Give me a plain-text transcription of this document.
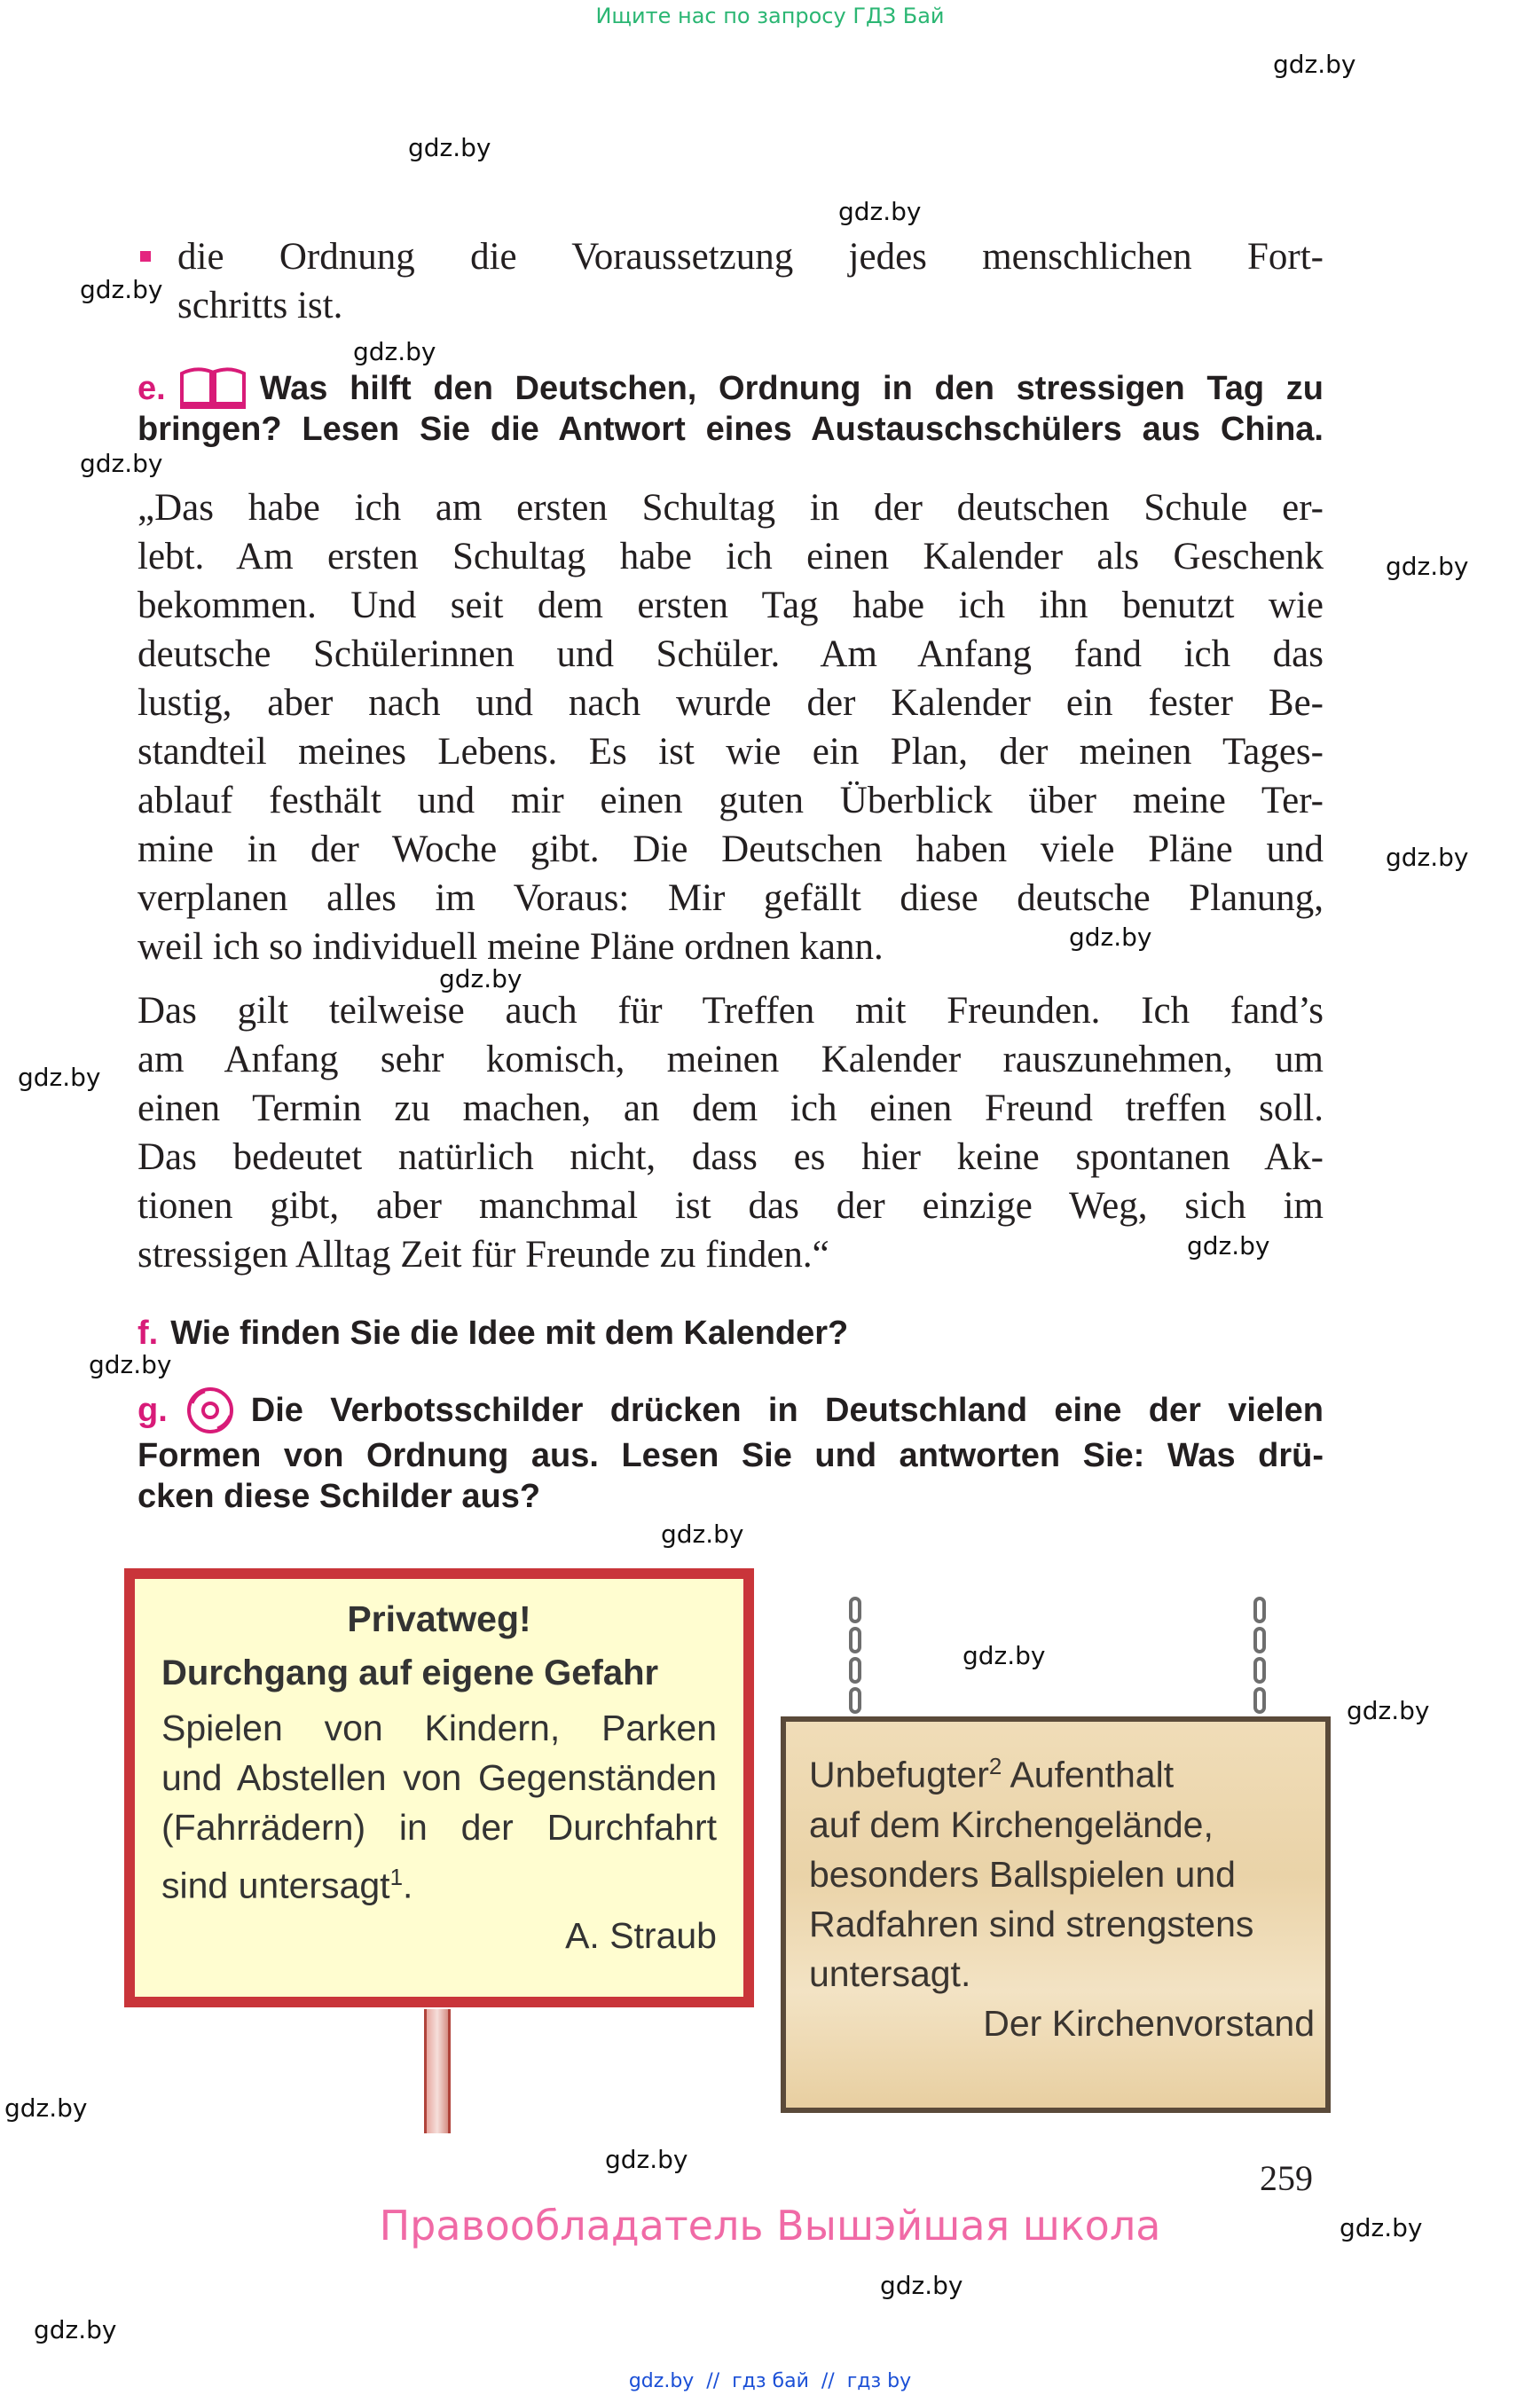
Ищите нас по запросу ГДЗ Бай
gdz.by
gdz.by
gdz.by
gdz.by
gdz.by
gdz.by
gdz.by
gdz.by
gdz.by
gdz.by
gdz.by
gdz.by
gdz.by
gdz.by
gdz.by
gdz.by
gdz.by
gdz.by
gdz.by
gdz.by
gdz.by
die Ordnung die Voraussetzung jedes menschlichen Fort-
schritts ist.
e.	Was hilft den Deutschen, Ordnung in den stressigen Tag zu
bringen? Lesen Sie die Antwort eines Austauschschülers aus China.
„Das habe ich am ersten Schultag in der deutschen Schule er-
lebt. Am ersten Schultag habe ich einen Kalender als Geschenk
bekommen. Und seit dem ersten Tag habe ich ihn benutzt wie
deutsche Schülerinnen und Schüler. Am Anfang fand ich das
lustig, aber nach und nach wurde der Kalender ein fester Be-
standteil meines Lebens. Es ist wie ein Plan, der meinen Tages-
ablauf festhält und mir einen guten Überblick über meine Ter-
mine in der Woche gibt. Die Deutschen haben viele Pläne und
verplanen alles im Voraus: Mir gefällt diese deutsche Planung,
weil ich so individuell meine Pläne ordnen kann.
Das gilt teilweise auch für Treffen mit Freunden. Ich fand’s
am Anfang sehr komisch, meinen Kalender rauszunehmen, um
einen Termin zu machen, an dem ich einen Freund treffen soll.
Das bedeutet natürlich nicht, dass es hier keine spontanen Ak-
tionen gibt, aber manchmal ist das der einzige Weg, sich im
stressigen Alltag Zeit für Freunde zu finden.“
f. Wie finden Sie die Idee mit dem Kalender?
g. Die Verbotsschilder drücken in Deutschland eine der vielen
Formen von Ordnung aus. Lesen Sie und antworten Sie: Was drü-
cken diese Schilder aus?
Privatweg!
Durchgang auf eigene Gefahr
Spielen von Kindern, Parken
und Abstellen von Gegenständen
(Fahrrädern) in der Durchfahrt
sind untersagt$^1$.
A. Straub
Unbefugter$^2$ Aufenthalt
auf dem Kirchengelände,
besonders Ballspielen und
Radfahren sind strengstens
untersagt.
Der Kirchenvorstand
259
Правообладатель Вышэйшая школа
gdz.by  //  гдз бай  //  гдз by
